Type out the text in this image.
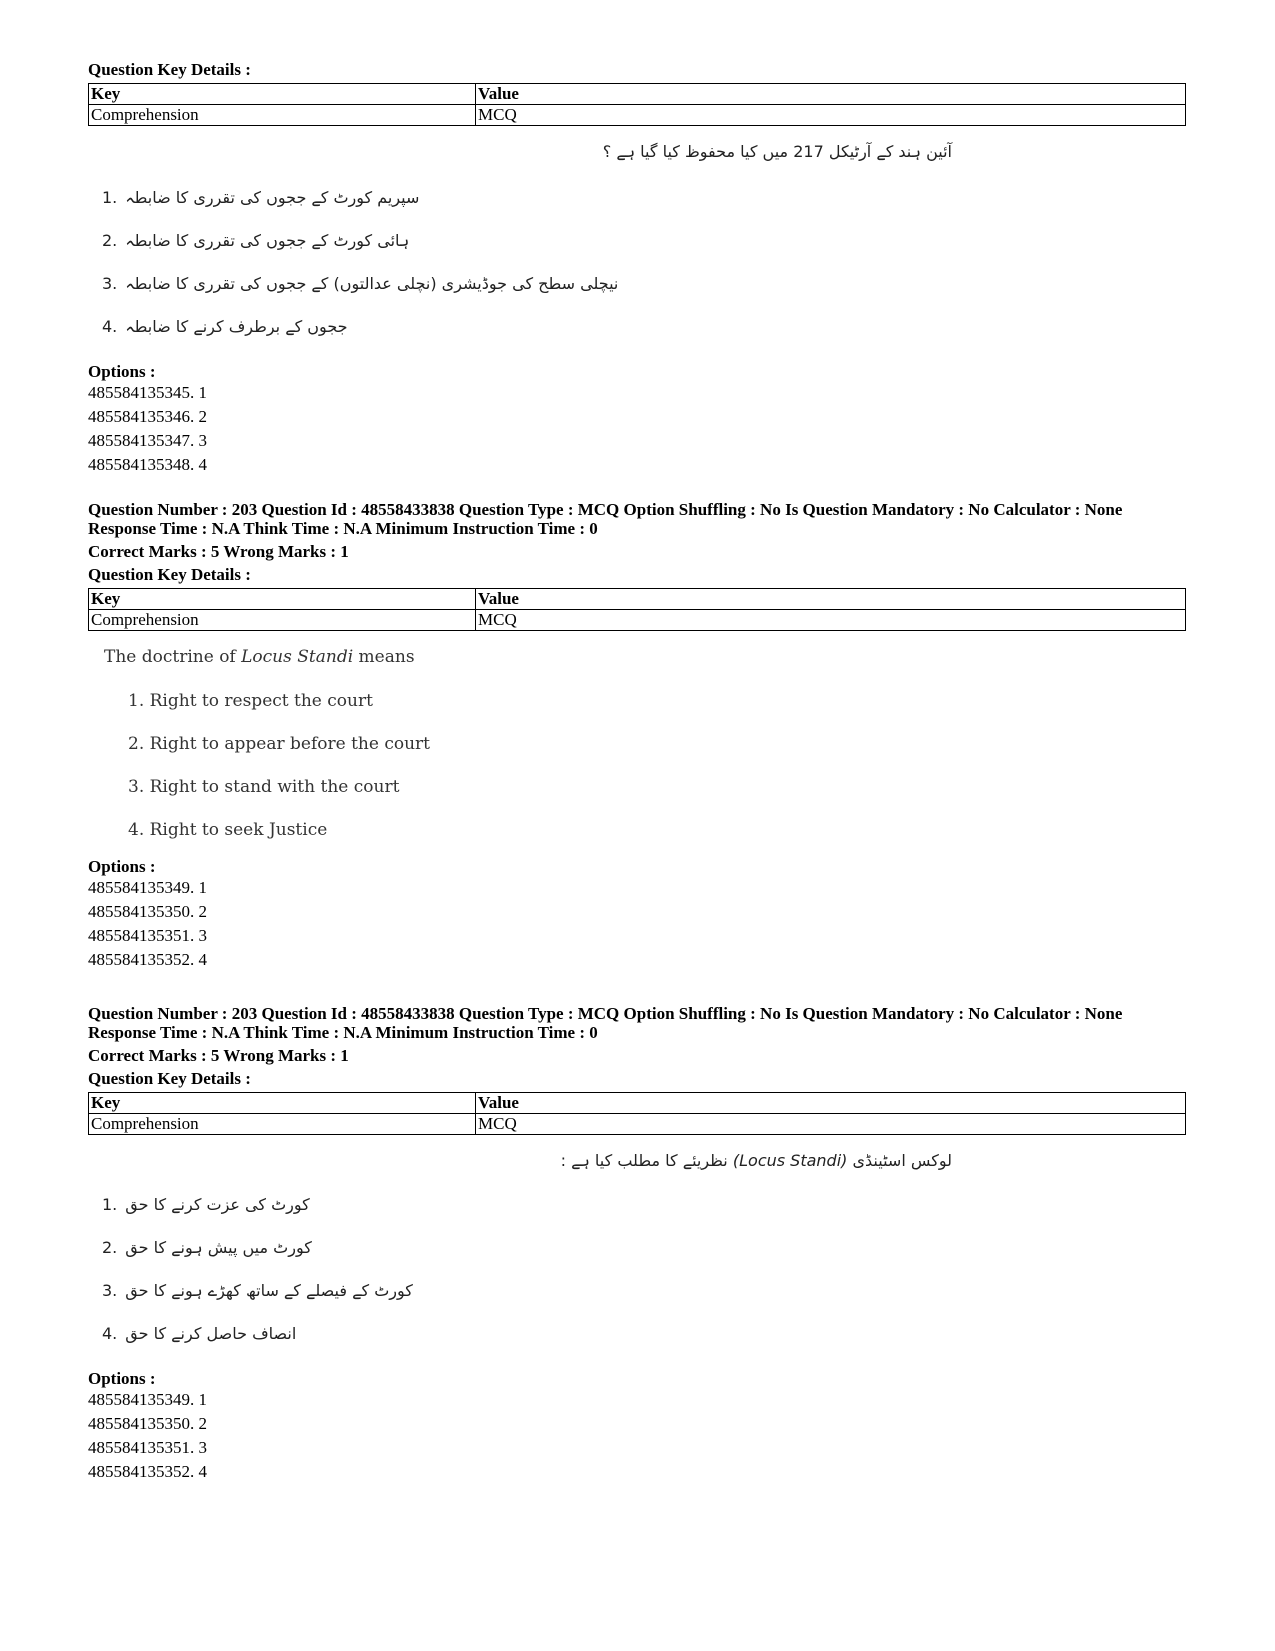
Question Key Details :
Key	Value
Comprehension	MCQ
آئین ہند کے آرٹیکل 217 میں کیا محفوظ کیا گیا ہے ؟
1. سپریم کورٹ کے ججوں کی تقرری کا ضابطہ
2. ہائی کورٹ کے ججوں کی تقرری کا ضابطہ
3. نیچلی سطح کی جوڈیشری (نچلی عدالتوں) کے ججوں کی تقرری کا ضابطہ
4. ججوں کے برطرف کرنے کا ضابطہ
Options :
485584135345. 1
485584135346. 2
485584135347. 3
485584135348. 4
Question Number : 203 Question Id : 48558433838 Question Type : MCQ Option Shuffling : No Is Question Mandatory : No Calculator : None
Response Time : N.A Think Time : N.A Minimum Instruction Time : 0
Correct Marks : 5 Wrong Marks : 1
Question Key Details :
Key	Value
Comprehension	MCQ
The doctrine of Locus Standi means
1. Right to respect the court
2. Right to appear before the court
3. Right to stand with the court
4. Right to seek Justice
Options :
485584135349. 1
485584135350. 2
485584135351. 3
485584135352. 4
Question Number : 203 Question Id : 48558433838 Question Type : MCQ Option Shuffling : No Is Question Mandatory : No Calculator : None
Response Time : N.A Think Time : N.A Minimum Instruction Time : 0
Correct Marks : 5 Wrong Marks : 1
Question Key Details :
Key	Value
Comprehension	MCQ
لوکس اسٹینڈی (Locus Standi) نظریئے کا مطلب کیا ہے :
1. کورٹ کی عزت کرنے کا حق
2. کورٹ میں پیش ہونے کا حق
3. کورٹ کے فیصلے کے ساتھ کھڑے ہونے کا حق
4. انصاف حاصل کرنے کا حق
Options :
485584135349. 1
485584135350. 2
485584135351. 3
485584135352. 4
